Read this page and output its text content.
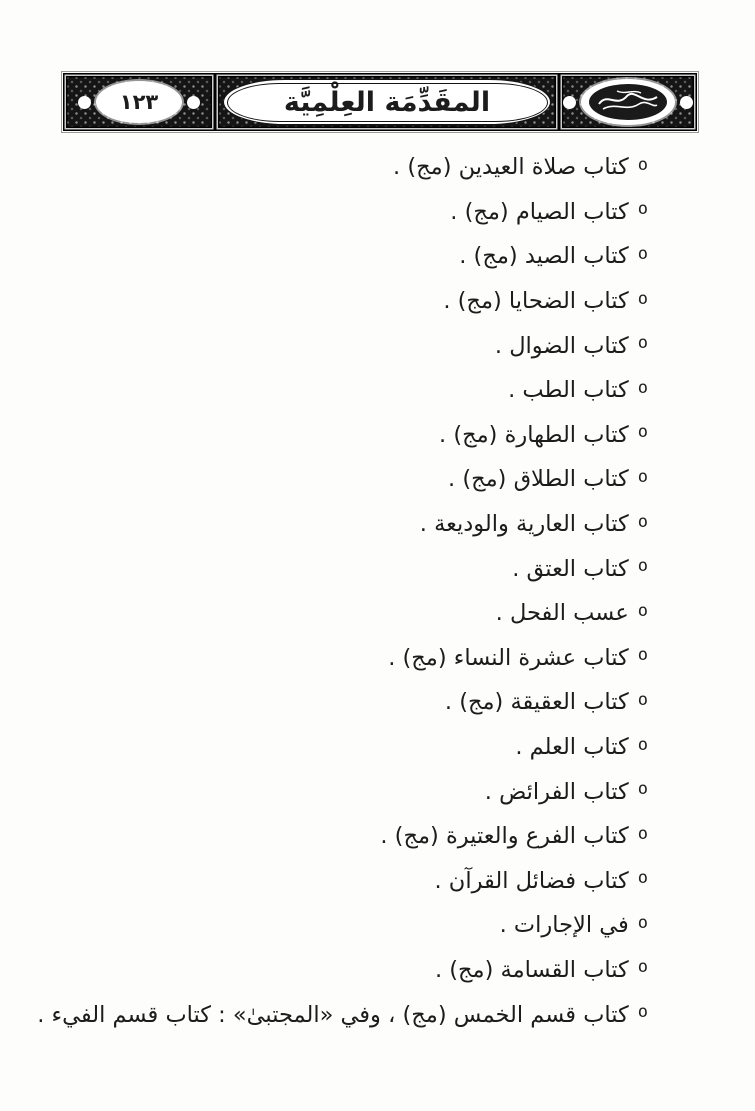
١٢٣	المقَدِّمَة العِلْمِيَّة
o
كتاب صلاة العيدين (مج) .
o
كتاب الصيام (مج) .
o
كتاب الصيد (مج) .
o
كتاب الضحايا (مج) .
o
كتاب الضوال .
o
كتاب الطب .
o
كتاب الطهارة (مج) .
o
كتاب الطلاق (مج) .
o
كتاب العارية والوديعة .
o
كتاب العتق .
o
عسب الفحل .
o
كتاب عشرة النساء (مج) .
o
كتاب العقيقة (مج) .
o
كتاب العلم .
o
كتاب الفرائض .
o
كتاب الفرع والعتيرة (مج) .
o
كتاب فضائل القرآن .
o
في الإجارات .
o
كتاب القسامة (مج) .
o
كتاب قسم الخمس (مج) ، وفي «المجتبىٰ» : كتاب قسم الفيء .
